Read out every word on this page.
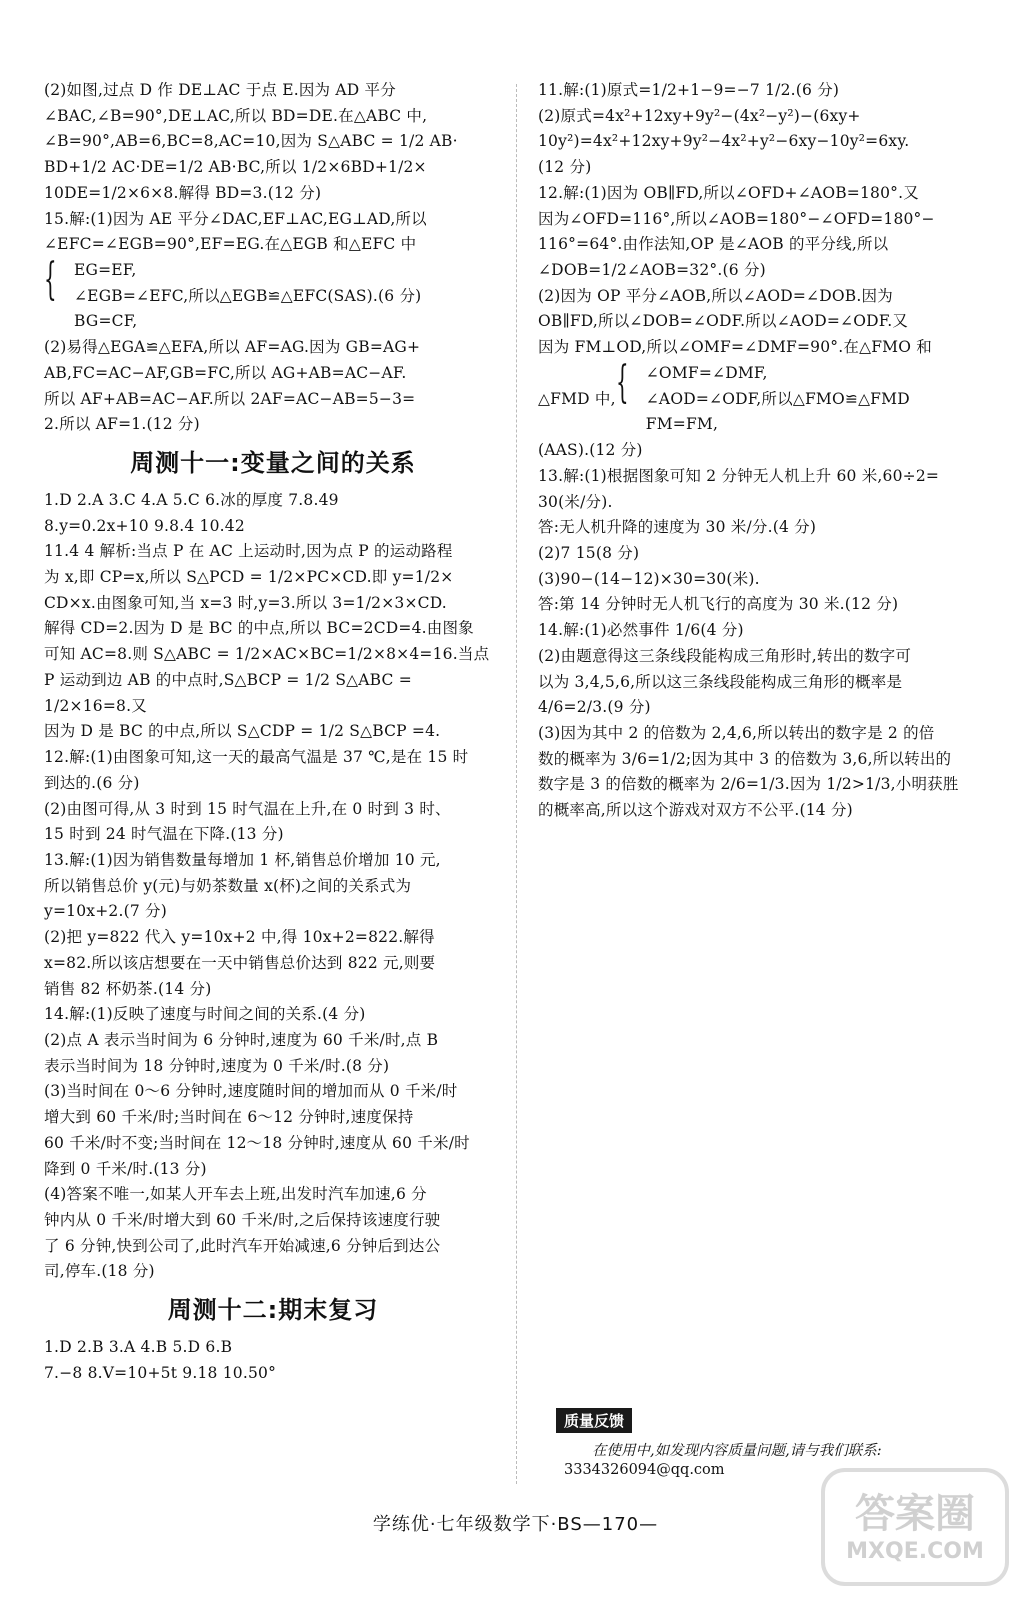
(2)如图,过点 D 作 DE⊥AC 于点 E.因为 AD 平分
∠BAC,∠B=90°,DE⊥AC,所以 BD=DE.在△ABC 中,
∠B=90°,AB=6,BC=8,AC=10,因为 S△ABC = 1/2 AB·
BD+1/2 AC·DE=1/2 AB·BC,所以 1/2×6BD+1/2×
10DE=1/2×6×8.解得 BD=3.(12 分)
15.解:(1)因为 AE 平分∠DAC,EF⊥AC,EG⊥AD,所以
∠EFC=∠EGB=90°,EF=EG.在△EGB 和△EFC 中
{ EG=EF,
∠EGB=∠EFC,所以△EGB≌△EFC(SAS).(6 分)
BG=CF,
(2)易得△EGA≌△EFA,所以 AF=AG.因为 GB=AG+
AB,FC=AC−AF,GB=FC,所以 AG+AB=AC−AF.
所以 AF+AB=AC−AF.所以 2AF=AC−AB=5−3=
2.所以 AF=1.(12 分)
周测十一:变量之间的关系
1.D 2.A 3.C 4.A 5.C 6.冰的厚度 7.8.49
8.y=0.2x+10 9.8.4 10.42
11.4 4 解析:当点 P 在 AC 上运动时,因为点 P 的运动路程
为 x,即 CP=x,所以 S△PCD = 1/2×PC×CD.即 y=1/2×
CD×x.由图象可知,当 x=3 时,y=3.所以 3=1/2×3×CD.
解得 CD=2.因为 D 是 BC 的中点,所以 BC=2CD=4.由图象
可知 AC=8.则 S△ABC = 1/2×AC×BC=1/2×8×4=16.当点
P 运动到边 AB 的中点时,S△BCP = 1/2 S△ABC = 1/2×16=8.又
因为 D 是 BC 的中点,所以 S△CDP = 1/2 S△BCP =4.
12.解:(1)由图象可知,这一天的最高气温是 37 ℃,是在 15 时
到达的.(6 分)
(2)由图可得,从 3 时到 15 时气温在上升,在 0 时到 3 时、
15 时到 24 时气温在下降.(13 分)
13.解:(1)因为销售数量每增加 1 杯,销售总价增加 10 元,
所以销售总价 y(元)与奶茶数量 x(杯)之间的关系式为
y=10x+2.(7 分)
(2)把 y=822 代入 y=10x+2 中,得 10x+2=822.解得
x=82.所以该店想要在一天中销售总价达到 822 元,则要
销售 82 杯奶茶.(14 分)
14.解:(1)反映了速度与时间之间的关系.(4 分)
(2)点 A 表示当时间为 6 分钟时,速度为 60 千米/时,点 B
表示当时间为 18 分钟时,速度为 0 千米/时.(8 分)
(3)当时间在 0～6 分钟时,速度随时间的增加而从 0 千米/时
增大到 60 千米/时;当时间在 6～12 分钟时,速度保持
60 千米/时不变;当时间在 12～18 分钟时,速度从 60 千米/时
降到 0 千米/时.(13 分)
(4)答案不唯一,如某人开车去上班,出发时汽车加速,6 分
钟内从 0 千米/时增大到 60 千米/时,之后保持该速度行驶
了 6 分钟,快到公司了,此时汽车开始减速,6 分钟后到达公
司,停车.(18 分)
周测十二:期末复习
1.D 2.B 3.A 4.B 5.D 6.B
7.−8 8.V=10+5t 9.18 10.50°
11.解:(1)原式=1/2+1−9=−7 1/2.(6 分)
(2)原式=4x²+12xy+9y²−(4x²−y²)−(6xy+
10y²)=4x²+12xy+9y²−4x²+y²−6xy−10y²=6xy.
(12 分)
12.解:(1)因为 OB∥FD,所以∠OFD+∠AOB=180°.又
因为∠OFD=116°,所以∠AOB=180°−∠OFD=180°−
116°=64°.由作法知,OP 是∠AOB 的平分线,所以
∠DOB=1/2∠AOB=32°.(6 分)
(2)因为 OP 平分∠AOB,所以∠AOD=∠DOB.因为
OB∥FD,所以∠DOB=∠ODF.所以∠AOD=∠ODF.又
因为 FM⊥OD,所以∠OMF=∠DMF=90°.在△FMO 和
△FMD 中, { ∠OMF=∠DMF,
∠AOD=∠ODF,所以△FMO≌△FMD
FM=FM,
(AAS).(12 分)
13.解:(1)根据图象可知 2 分钟无人机上升 60 米,60÷2=
30(米/分).
答:无人机升降的速度为 30 米/分.(4 分)
(2)7 15(8 分)
(3)90−(14−12)×30=30(米).
答:第 14 分钟时无人机飞行的高度为 30 米.(12 分)
14.解:(1)必然事件 1/6(4 分)
(2)由题意得这三条线段能构成三角形时,转出的数字可
以为 3,4,5,6,所以这三条线段能构成三角形的概率是
4/6=2/3.(9 分)
(3)因为其中 2 的倍数为 2,4,6,所以转出的数字是 2 的倍
数的概率为 3/6=1/2;因为其中 3 的倍数为 3,6,所以转出的
数字是 3 的倍数的概率为 2/6=1/3.因为 1/2>1/3,小明获胜
的概率高,所以这个游戏对双方不公平.(14 分)
质量反馈
在使用中,如发现内容质量问题,请与我们联系:
3334326094@qq.com
学练优·七年级数学下·BS—170—	答案圈
MXQE.COM
